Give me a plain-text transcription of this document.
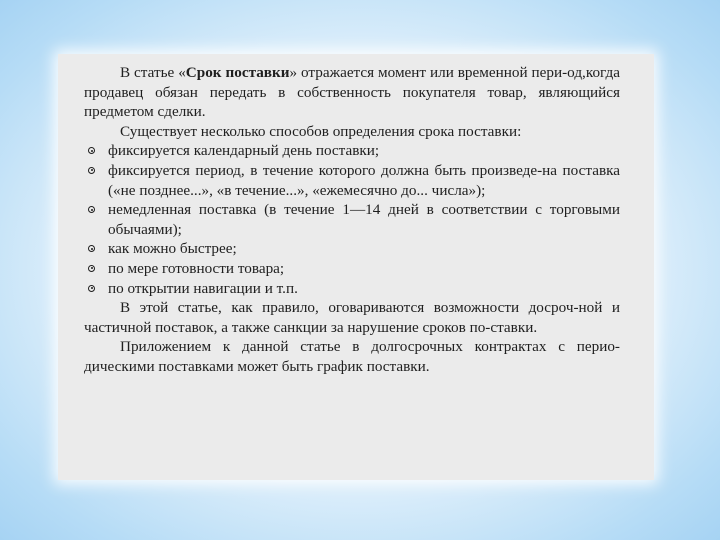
В статье «Срок поставки» отражается момент или временной пери-од,когда продавец обязан передать в собственность покупателя товар, являющийся предметом сделки.

Существует несколько способов определения срока поставки:

фиксируется календарный день поставки;
фиксируется период, в течение которого должна быть произведе-на поставка («не позднее...», «в течение...», «ежемесячно до... числа»);
немедленная поставка (в течение 1—14 дней в соответствии с торговыми обычаями);
как можно быстрее;
по мере готовности товара;
по открытии навигации и т.п.

В этой статье, как правило, оговариваются возможности досроч-ной и частичной поставок, а также санкции за нарушение сроков по-ставки.

Приложением к данной статье в долгосрочных контрактах с перио-дическими поставками может быть график поставки.
